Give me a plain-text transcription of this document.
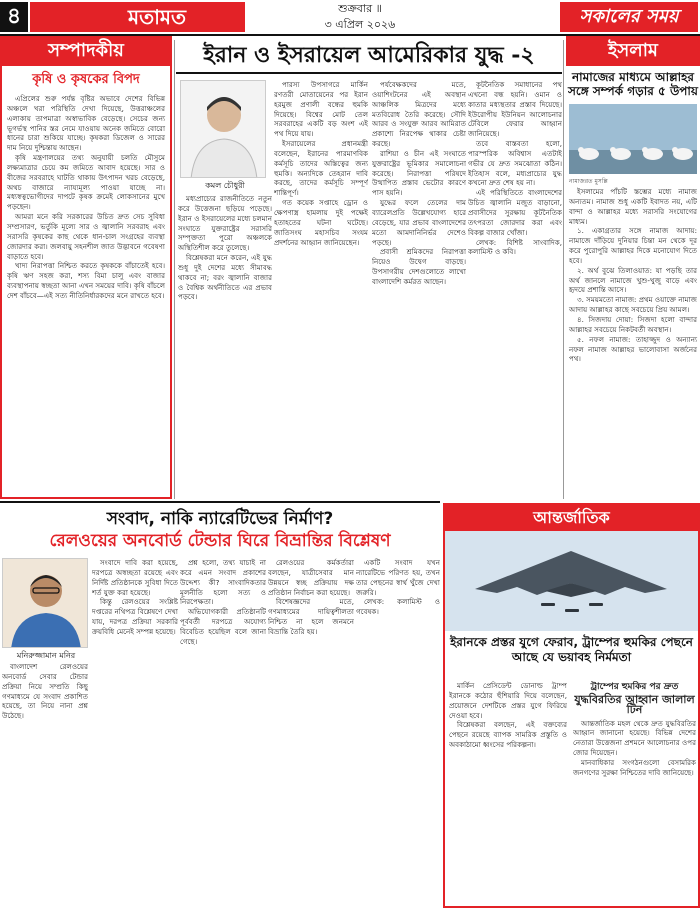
৪	মতামত	শুক্রবার ॥
৩ এপ্রিল ২০২৬	সকালের সময়
সম্পাদকীয়
কৃষি ও কৃষকের বিপদ

এপ্রিলের শুরু পর্যন্ত বৃষ্টির অভাবে দেশের বিভিন্ন অঞ্চলে খরা পরিস্থিতি দেখা দিয়েছে, উত্তরাঞ্চলের এলাকায় তাপমাত্রা অস্বাভাবিক বেড়েছে। সেচের জন্য ভূগর্ভস্থ পানির স্তর নেমে যাওয়ায় অনেক জমিতে বোরো ধানের চারা শুকিয়ে যাচ্ছে। কৃষকরা ডিজেল ও সারের দাম নিয়ে দুশ্চিন্তায় আছেন।

কৃষি মন্ত্রণালয়ের তথ্য অনুযায়ী চলতি মৌসুমে লক্ষ্যমাত্রার চেয়ে কম জমিতে আবাদ হয়েছে। সার ও বীজের সরবরাহে ঘাটতি থাকায় উৎপাদন খরচ বেড়েছে, অথচ বাজারে ন্যায্যমূল্য পাওয়া যাচ্ছে না। মধ্যস্বত্বভোগীদের দাপটে কৃষক ক্রমেই লোকসানের মুখে পড়ছেন।

আমরা মনে করি সরকারের উচিত দ্রুত সেচ সুবিধা সম্প্রসারণ, ভর্তুকি মূল্যে সার ও জ্বালানি সরবরাহ এবং সরাসরি কৃষকের কাছ থেকে ধান-চাল সংগ্রহের ব্যবস্থা জোরদার করা। জলবায়ু সহনশীল জাত উদ্ভাবনে গবেষণা বাড়াতে হবে।

খাদ্য নিরাপত্তা নিশ্চিত করতে কৃষককে বাঁচাতেই হবে। কৃষি ঋণ সহজ করা, শস্য বিমা চালু এবং বাজার ব্যবস্থাপনায় স্বচ্ছতা আনা এখন সময়ের দাবি। কৃষি বাঁচলে দেশ বাঁচবে—এই সত্য নীতিনির্ধারকদের মনে রাখতে হবে।

ইরান ও ইসরায়েল আমেরিকার যুদ্ধ -২
কমল চৌধুরী

মধ্যপ্রাচ্যের রাজনীতিতে নতুন করে উত্তেজনা ছড়িয়ে পড়েছে। ইরান ও ইসরায়েলের মধ্যে চলমান সংঘাতে যুক্তরাষ্ট্রের সরাসরি সম্পৃক্ততা পুরো অঞ্চলকে অস্থিতিশীল করে তুলেছে।

বিশ্লেষকরা মনে করেন, এই যুদ্ধ শুধু দুই দেশের মধ্যে সীমাবদ্ধ থাকবে না; বরং জ্বালানি বাজার ও বৈশ্বিক অর্থনীতিতে এর প্রভাব পড়বে।

পারস্য উপসাগরে মার্কিন রণতরী মোতায়েনের পর ইরান হরমুজ প্রণালী বন্ধের হুমকি দিয়েছে। বিশ্বের মোট তেল সরবরাহের একটি বড় অংশ এই পথ দিয়ে যায়।

ইসরায়েলের প্রধানমন্ত্রী বলেছেন, ইরানের পারমাণবিক কর্মসূচি তাদের অস্তিত্বের জন্য হুমকি। অন্যদিকে তেহরান দাবি করছে, তাদের কর্মসূচি সম্পূর্ণ শান্তিপূর্ণ।

গত কয়েক সপ্তাহে ড্রোন ও ক্ষেপণাস্ত্র হামলায় দুই পক্ষেই হতাহতের ঘটনা ঘটেছে। জাতিসংঘ মহাসচিব সংযম প্রদর্শনের আহ্বান জানিয়েছেন।

পর্যবেক্ষকদের মতে, ওয়াশিংটনের এই অবস্থান আঞ্চলিক মিত্রদের মধ্যে মতবিরোধ তৈরি করেছে। সৌদি আরব ও সংযুক্ত আরব আমিরাত প্রকাশ্যে নিরপেক্ষ থাকার চেষ্টা করছে।

রাশিয়া ও চীন এই সংঘাতে যুক্তরাষ্ট্রের ভূমিকার সমালোচনা করেছে। নিরাপত্তা পরিষদে উত্থাপিত প্রস্তাব ভেটোর কারণে পাস হয়নি।

যুদ্ধের ফলে তেলের দাম ব্যারেলপ্রতি উল্লেখযোগ্য হারে বেড়েছে, যার প্রভাব বাংলাদেশের মতো আমদানিনির্ভর দেশেও পড়ছে।

প্রবাসী শ্রমিকদের নিরাপত্তা নিয়েও উদ্বেগ বাড়ছে। উপসাগরীয় দেশগুলোতে লাখো বাংলাদেশি কর্মরত আছেন।

কূটনৈতিক সমাধানের পথ এখনো বন্ধ হয়নি। ওমান ও কাতার মধ্যস্থতার প্রস্তাব দিয়েছে। ইউরোপীয় ইউনিয়ন আলোচনার টেবিলে ফেরার আহ্বান জানিয়েছে।

তবে বাস্তবতা হলো, পারস্পরিক অবিশ্বাস এতটাই গভীর যে দ্রুত সমঝোতা কঠিন। ইতিহাস বলে, মধ্যপ্রাচ্যের যুদ্ধ কখনো দ্রুত শেষ হয় না।

এই পরিস্থিতিতে বাংলাদেশের উচিত জ্বালানি মজুত বাড়ানো, প্রবাসীদের সুরক্ষায় কূটনৈতিক তৎপরতা জোরদার করা এবং বিকল্প বাজার খোঁজা।

লেখক: বিশিষ্ট সাংবাদিক, কলামিস্ট ও কবি।

ইসলাম
নামাজের মাধ্যমে আল্লাহর সঙ্গে সম্পর্ক গড়ার ৫ উপায়
নামাজরত মুসল্লি

ইসলামের পাঁচটি স্তম্ভের মধ্যে নামাজ অন্যতম। নামাজ শুধু একটি ইবাদত নয়, এটি বান্দা ও আল্লাহর মধ্যে সরাসরি সংযোগের মাধ্যম।

১. একাগ্রতার সঙ্গে নামাজ আদায়: নামাজে দাঁড়িয়ে দুনিয়ার চিন্তা মন থেকে দূর করে পুরোপুরি আল্লাহর দিকে মনোযোগ দিতে হবে।

২. অর্থ বুঝে তিলাওয়াত: যা পড়ছি তার অর্থ জানলে নামাজে খুশু-খুজু বাড়ে এবং হৃদয়ে প্রশান্তি আসে।

৩. সময়মতো নামাজ: প্রথম ওয়াক্তে নামাজ আদায় আল্লাহর কাছে সবচেয়ে প্রিয় আমল।

৪. সিজদায় দোয়া: সিজদা হলো বান্দার আল্লাহর সবচেয়ে নিকটবর্তী অবস্থান।

৫. নফল নামাজ: তাহাজ্জুদ ও অন্যান্য নফল নামাজ আল্লাহর ভালোবাসা অর্জনের পথ।

সংবাদ, নাকি ন্যারেটিভের নির্মাণ?
রেলওয়ের অনবোর্ড টেন্ডার ঘিরে বিভ্রান্তির বিশ্লেষণ
মনিরুজ্জামান মনির

বাংলাদেশ রেলওয়ের অনবোর্ড সেবার টেন্ডার প্রক্রিয়া নিয়ে সম্প্রতি কিছু গণমাধ্যমে যে সংবাদ প্রকাশিত হয়েছে, তা নিয়ে নানা প্রশ্ন উঠেছে।

সংবাদে দাবি করা হয়েছে, দরপত্রে অস্বচ্ছতা রয়েছে এবং নির্দিষ্ট প্রতিষ্ঠানকে সুবিধা দিতে শর্ত যুক্ত করা হয়েছে।

কিন্তু রেলওয়ের সংশ্লিষ্ট দপ্তরের নথিপত্র বিশ্লেষণে দেখা যায়, দরপত্র প্রক্রিয়া সরকারি ক্রয়বিধি মেনেই সম্পন্ন হয়েছে।

প্রশ্ন হলো, তথ্য যাচাই না করে এমন সংবাদ প্রকাশের উদ্দেশ্য কী? সাংবাদিকতার মূলনীতি হলো সত্য ও নিরপেক্ষতা।

অভিযোগকারী প্রতিষ্ঠানটি পূর্ববর্তী দরপত্রে অযোগ্য বিবেচিত হয়েছিল বলে জানা গেছে।

রেলওয়ের কর্মকর্তারা বলছেন, যাত্রীসেবার মান উন্নয়নে স্বচ্ছ প্রক্রিয়ায় দক্ষ প্রতিষ্ঠান নির্বাচন করা হয়েছে।

বিশেষজ্ঞদের মতে, গণমাধ্যমের দায়িত্বশীলতা নিশ্চিত না হলে জনমনে বিভ্রান্তি তৈরি হয়।

একটি সংবাদ যখন ন্যারেটিভে পরিণত হয়, তখন তার পেছনের স্বার্থ খুঁজে দেখা জরুরি।

লেখক: কলামিস্ট ও গবেষক।

আন্তর্জাতিক
ইরানকে প্রস্তর যুগে ফেরাব, ট্রাম্পের হুমকির পেছনে আছে যে ভয়াবহ নির্মমতা

মার্কিন প্রেসিডেন্ট ডোনাল্ড ট্রাম্প ইরানকে কঠোর হুঁশিয়ারি দিয়ে বলেছেন, প্রয়োজনে দেশটিকে প্রস্তর যুগে ফিরিয়ে দেওয়া হবে।

বিশ্লেষকরা বলছেন, এই বক্তব্যের পেছনে রয়েছে ব্যাপক সামরিক প্রস্তুতি ও অবকাঠামো ধ্বংসের পরিকল্পনা।

ট্রাম্পের হুমকির পর দ্রুত
যুদ্ধবিরতির আহ্বান জালাল টিন

আন্তর্জাতিক মহল থেকে দ্রুত যুদ্ধবিরতির আহ্বান জানানো হয়েছে। বিভিন্ন দেশের নেতারা উত্তেজনা প্রশমনে আলোচনার ওপর জোর দিয়েছেন।

মানবাধিকার সংগঠনগুলো বেসামরিক জনগণের সুরক্ষা নিশ্চিতের দাবি জানিয়েছে।
